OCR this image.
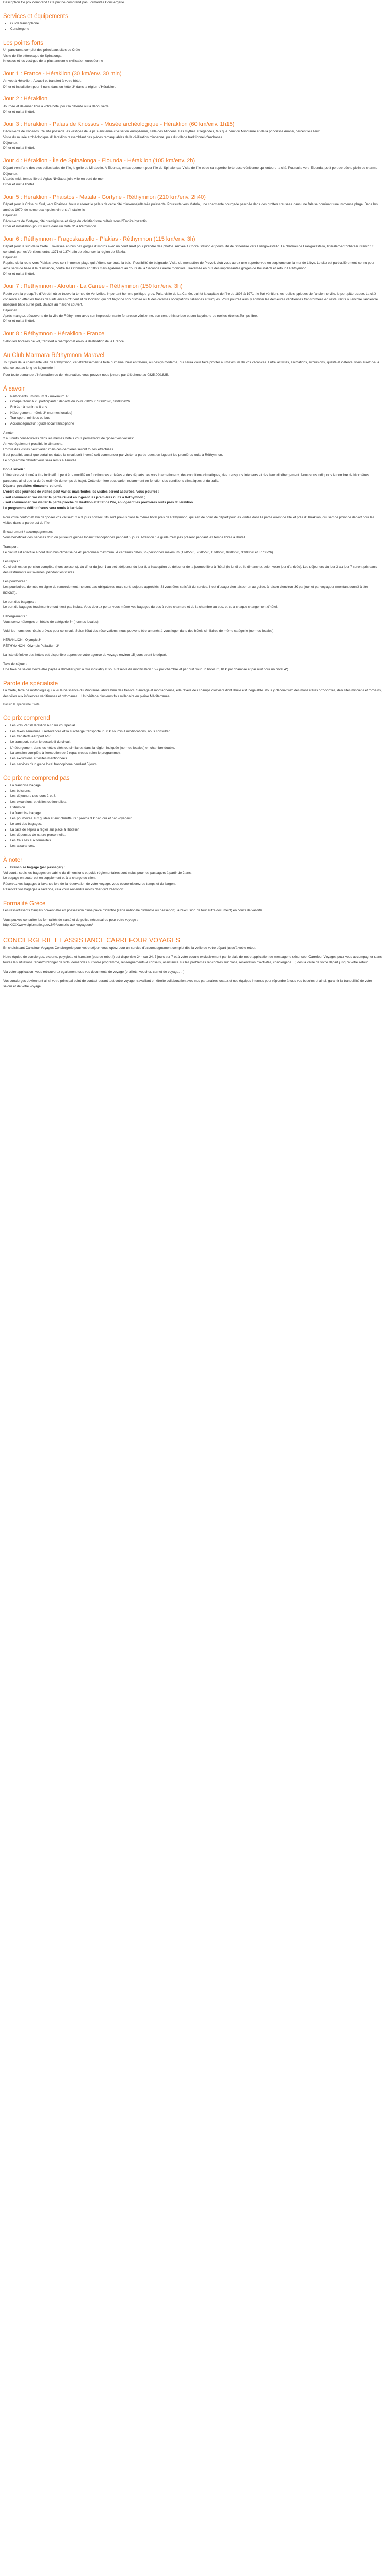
Description Ce prix comprend / Ce prix ne comprend pas Formalités Conciergerie

Services et équipements
• Guide francophone
• Conciergerie
Les points forts

Un panorama complet des principaux sites de Crète

Visite de l'île pittoresque de Spinalonga

Knossos et les vestiges de la plus ancienne civilisation européenne

Jour 1 : France - Héraklion (30 km/env. 30 min)

Arrivée à Héraklion. Accueil et transfert à votre hôtel.

Dîner et installation pour 4 nuits dans un hôtel 3* dans la région d'Héraklion.

Jour 2 : Héraklion

Journée et déjeuner libre à votre hôtel pour la détente ou la découverte.

Dîner et nuit à l'hôtel.

Jour 3 : Héraklion - Palais de Knossos - Musée archéologique - Héraklion (60 km/env. 1h15)

Découverte de Knossos. Ce site possède les vestiges de la plus ancienne civilisation européenne, celle des Minoens. Les mythes et légendes, tels que ceux du Minotaure et de la princesse Ariane, bercent les lieux.

Visite du musée archéologique d'Héraklion rassemblant des pièces remarquables de la civilisation minoenne, puis du village traditionnel d'Archanes.

Déjeuner.

Dîner et nuit à l'hôtel.

Jour 4 : Héraklion - Île de Spinalonga - Elounda - Héraklion (105 km/env. 2h)

Départ vers l'une des plus belles baies de l'île, le golfe de Mirabello. À Elounda, embarquement pour l'île de Spinalonga. Visite de l'île et de sa superbe forteresse vénitienne qui entoure la cité. Poursuite vers Elounda, petit port de pêche plein de charme.

Déjeuner.

L'après-midi, temps libre à Ágios Nikólaos, jolie ville en bord de mer.

Dîner et nuit à l'hôtel.

Jour 5 : Héraklion - Phaistos - Matala - Gortyne - Réthymnon (210 km/env. 2h40)

Départ pour le Crète du Sud, vers Phaistos. Vous visiterez le palais de cette cité minoenneju8s très puissante. Poursuite vers Matala, une charmante bourgade perchée dans des grottes creusées dans une falaise dominant une immense plage. Dans les années 1970, de nombreux hippies vinrent s'installer ici.

Déjeuner.

Découverte de Gortyne, cité prestigieuse et siège du christianisme crétois sous l'Empire byzantin.

Dîner et installation pour 3 nuits dans un hôtel 3* à Réthymnon.

Jour 6 : Réthymnon - Fragoskastello - Plakias - Réthymnon (115 km/env. 3h)

Départ pour le sud de la Crète. Traversée en bus des gorges d'Imbros avec un court arrêt pour prendre des photos. Arrivée à Chora Sfakion et poursuite de l'itinéraire vers Frangokastello. Le château de Frangokastello, littéralement "château franc" fut construit par les Vénitiens entre 1371 et 1374 afin de sécuriser la région de Sfakia.

Déjeuner.

Reprise de la route vers Plakias, avec son immense plage qui s'étend sur toute la baie. Possibilité de baignade. Visite du monastère de Preveli, d'où vous aurez une superbe vue en surplomb sur la mer de Libye. Le site est particulièrement connu pour avoir servi de base à la résistance, contre les Ottomans en 1866 mais également au cours de la Seconde Guerre mondiale. Traversée en bus des impressantes gorges de Kourtaliotí et retour à Réthymnon.

Dîner et nuit à l'hôtel.

Jour 7 : Réthymnon - Akrotiri - La Canée - Réthymnon (150 km/env. 3h)

Route vers la presqu'île d'Akrotiri où se trouve la tombe de Venizélos, important homme politique grec. Puis, visite de La Canée, qui fut la capitale de l'île de 1898 à 1971 : le fort vénitien, les ruelles typiques de l'ancienne ville, le port pittoresque. La cité conserve en effet les traces des influences d'Orient et d'Occident, qui ont façonné son histoire au fil des diverses occupations italiennes et turques. Vous pourrez ainsi y admirer les demeures vénitiennes transformées en restaurants ou encore l'ancienne mosquée bâtie sur le port. Balade au marché couvert.

Déjeuner.

Après-mangez, découverte de la ville de Réthymnon avec son impressionnante forteresse vénitienne, son centre historique et son labyrinthe de ruelles étroites.Temps libre.

Dîner et nuit à l'hôtel.

Jour 8 : Réthymnon - Héraklion - France

Selon les horaires de vol, transfert à l'aéroport et envol à destination de la France.

Au Club Marmara Réthymnon Maravel

Tout près de la charmante ville de Réthymnon, cet établissement à taille humaine, bien entretenu, au design moderne, qui saura vous faire profiter au maximum de vos vacances. Entre activités, animations, excursions, qualité et détente, vous aurez de la chance tout au long de la journée !

Pour toute demande d'information ou de réservation, vous pouvez nous joindre par téléphone au 0825.000.825.

À savoir
• Participants : minimum 3 - maximum 46
• Groupe réduit à 25 participants : départs du 27/05/2026, 07/06/2026, 30/08/2026
• Entrée : à partir de 8 ans
• Hébergement : hôtels 3* (normes locales)
• Transport : minibus ou bus
• Accompagnateur : guide local francophone

À noter :

2 à 3 nuits consécutives dans les mêmes hôtels vous permettront de "poser vos valises".

Arrivée également possible le dimanche.

L'ordre des visites peut varier, mais ces dernières seront toutes effectuées.

Il est possible aussi que certaines dates le circuit soit inversé soit commencer par visiter la partie ouest en logeant les premières nuits à Réthymnon.

Le programme définitif vous sera remis à l'arrivée.

Bon à savoir :

L'itinéraire est donné à titre indicatif. Il peut être modifié en fonction des arrivées et des départs des vols internationaux, des conditions climatiques, des transports intérieurs et des lieux d'hébergement. Nous vous indiquons le nombre de kilomètres parcourus ainsi que la durée estimée du temps de trajet. Cette dernière peut varier, notamment en fonction des conditions climatiques et du trafic.

Départs possibles dimanche et lundi.

L'ordre des journées de visites peut varier, mais toutes les visites seront assurées. Vous pourrez :

- soit commencer par visiter la partie Ouest en logeant les premières nuits à Réthymnon ;

- soit commencer par visiter la partie proche d'Héraklion et l'Est de l'île, en logeant les premières nuits près d'Héraklion.

Le programme définitif vous sera remis à l'arrivée.

Pour votre confort et afin de "poser vos valises", 2 à 3 jours consécutifs sont prévus dans le même hôtel près de Réthymnon, qui sert de point de départ pour les visites dans la partie ouest de l'île et près d'Héraklion, qui sert de point de départ pour les visites dans la partie est de l'île.

Encadrement / accompagnement :

Vous bénéficiez des services d'un ou plusieurs guides locaux francophones pendant 5 jours. Attention : le guide n'est pas présent pendant les temps libres à l'hôtel.

Transport :

Le circuit est effectué à bord d'un bus climatisé de 46 personnes maximum. À certaines dates, 25 personnes maximum (17/05/26, 26/05/26, 07/06/26, 06/06/26, 30/08/26 et 31/08/26).

Les repas :

Ce circuit est en pension complète (hors boissons), du dîner du jour 1 au petit déjeuner du jour 8, à l'exception du déjeuner de la journée libre à l'hôtel (le lundi ou le dimanche, selon votre jour d'arrivée). Les déjeuners du jour 3 au jour 7 seront pris dans des restaurants ou tavernes, pendant les visites.

Les pourboires :

Les pourboires, donnés en signe de remerciement, ne sont pas obligatoires mais sont toujours appréciés. Si vous êtes satisfait du service, il est d'usage d'en laisser un au guide, à raison d'environ 3€ par jour et par voyageur (montant donné à titre indicatif).

Le port des bagages :

Le port de bagages touch/sentre tout n'est pas inclus. Vous devrez porter vous-même vos bagages du bus à votre chambre et de la chambre au bus, et ce à chaque changement d'hôtel.

Hébergements :

Vous serez hébergés en hôtels de catégorie 3* (normes locales).

Voici les noms des hôtels prévus pour ce circuit. Selon l'état des réservations, nous pouvons être amenés à vous loger dans des hôtels similaires de même catégorie (normes locales).

HÉRAKLION : Olympic 3*

RÉTHYMNON : Olympic Palladium 3*

La liste définitive des hôtels est disponible auprès de votre agence de voyage environ 15 jours avant le départ.

Taxe de séjour :

Une taxe de séjour devra être payée à l'hôtelier (prix à titre indicatif) et sous réserve de modification : 5 € par chambre et par nuit pour un hôtel 3*, 10 € par chambre et par nuit pour un hôtel 4*).

Parole de spécialiste

La Crète, terre de mythologie qui a vu la naissance du Minotaure, abrite bien des trésors. Sauvage et montagneuse, elle révèle des champs d'oliviers dont l'huile est inégalable. Vous y découvrirez des monastères orthodoxes, des sites minoens et romains, des villes aux influences vénitiennes et ottomanes... Un héritage plusieurs fois millénaire en pleine Méditerranée !

Bassin IL spécialiste Crète

Ce prix comprend
• Les vols Paris/Héraklion A/R sur vol spécial.
• Les taxes aériennes + redevances et la surcharge transporteur 50 € soumis à modifications, nous consulter.
• Les transferts aéroport A/R.
• Le transport, selon le descriptif du circuit.
• L'hébergement dans les hôtels cités ou similaires dans la région indiquée (normes locales) en chambre double.
• La pension complète à l'exception de 2 repas (repas selon le programme).
• Les excursions et visites mentionnées.
• Les services d'un guide local francophone pendant 5 jours.
Ce prix ne comprend pas
• La franchise bagage.
• Les boissons.
• Les déjeuners des jours 2 et 8.
• Les excursions et visites optionnelles.
• Extension.
• La franchise bagage.
• Les pourboires aux guides et aux chauffeurs : prévoir 3 € par jour et par voyageur.
• Le port des bagages.
• La taxe de séjour à régler sur place à l'hôtelier.
• Les dépenses de nature personnelle.
• Les frais liés aux formalités.
• Les assurances.
À noter
• Franchise bagage (par passager) :

Vol court : seuls les bagages en cabine de dimensions et poids réglementaires sont inclus pour les passagers à partir de 2 ans.

Le bagage en soute est en supplément et à la charge du client.

Réservez vos bagages à l'avance lors de la réservation de votre voyage, vous économiserez du temps et de l'argent.

Réservez vos bagages à l'avance, cela vous reviendra moins cher qu'à l'aéroport

Formalité Grèce

Les ressortissants français doivent être en possession d'une pièce d'identité (carte nationale d'identité ou passeport), à l'exclusion de tout autre document) en cours de validité.

Vous pouvez consulter les formalités de santé et de police nécessaires pour votre voyage :

http:XXXXwww.diplomatie.gouv.fr/fr/conseils-aux-voyageurs/

CONCIERGERIE ET ASSISTANCE CARREFOUR VOYAGES

En choisissant Carrefour Voyages Conciergerie pour votre séjour, vous optez pour un service d'accompagnement complet dès la veille de votre départ jusqu'à votre retour.

Notre équipe de concierges, experte, polyglotte et humaine (pas de robot !) est disponible 24h sur 24, 7 jours sur 7 et à votre écoute exclusivement par le biais de notre application de messagerie sécurisée, Carrefour Voyages pour vous accompagner dans toutes les situations tenant/prolonger de vols, demandes sur votre programme, renseignements & conseils, assistance sur les problèmes rencontrés sur place, réservation d'activités, conciergerie... ) dès la veille de votre départ jusqu'à votre retour.

Via votre application, vous retrouverez également tous vos documents de voyage (e-billets, voucher, carnet de voyage, ...)

Vos concierges deviennent ainsi votre principal point de contact durant tout votre voyage, travaillant en étroite collaboration avec nos partenaires locaux et nos équipes internes pour répondre à tous vos besoins et ainsi, garantir la tranquillité de votre séjour et de votre voyage.
